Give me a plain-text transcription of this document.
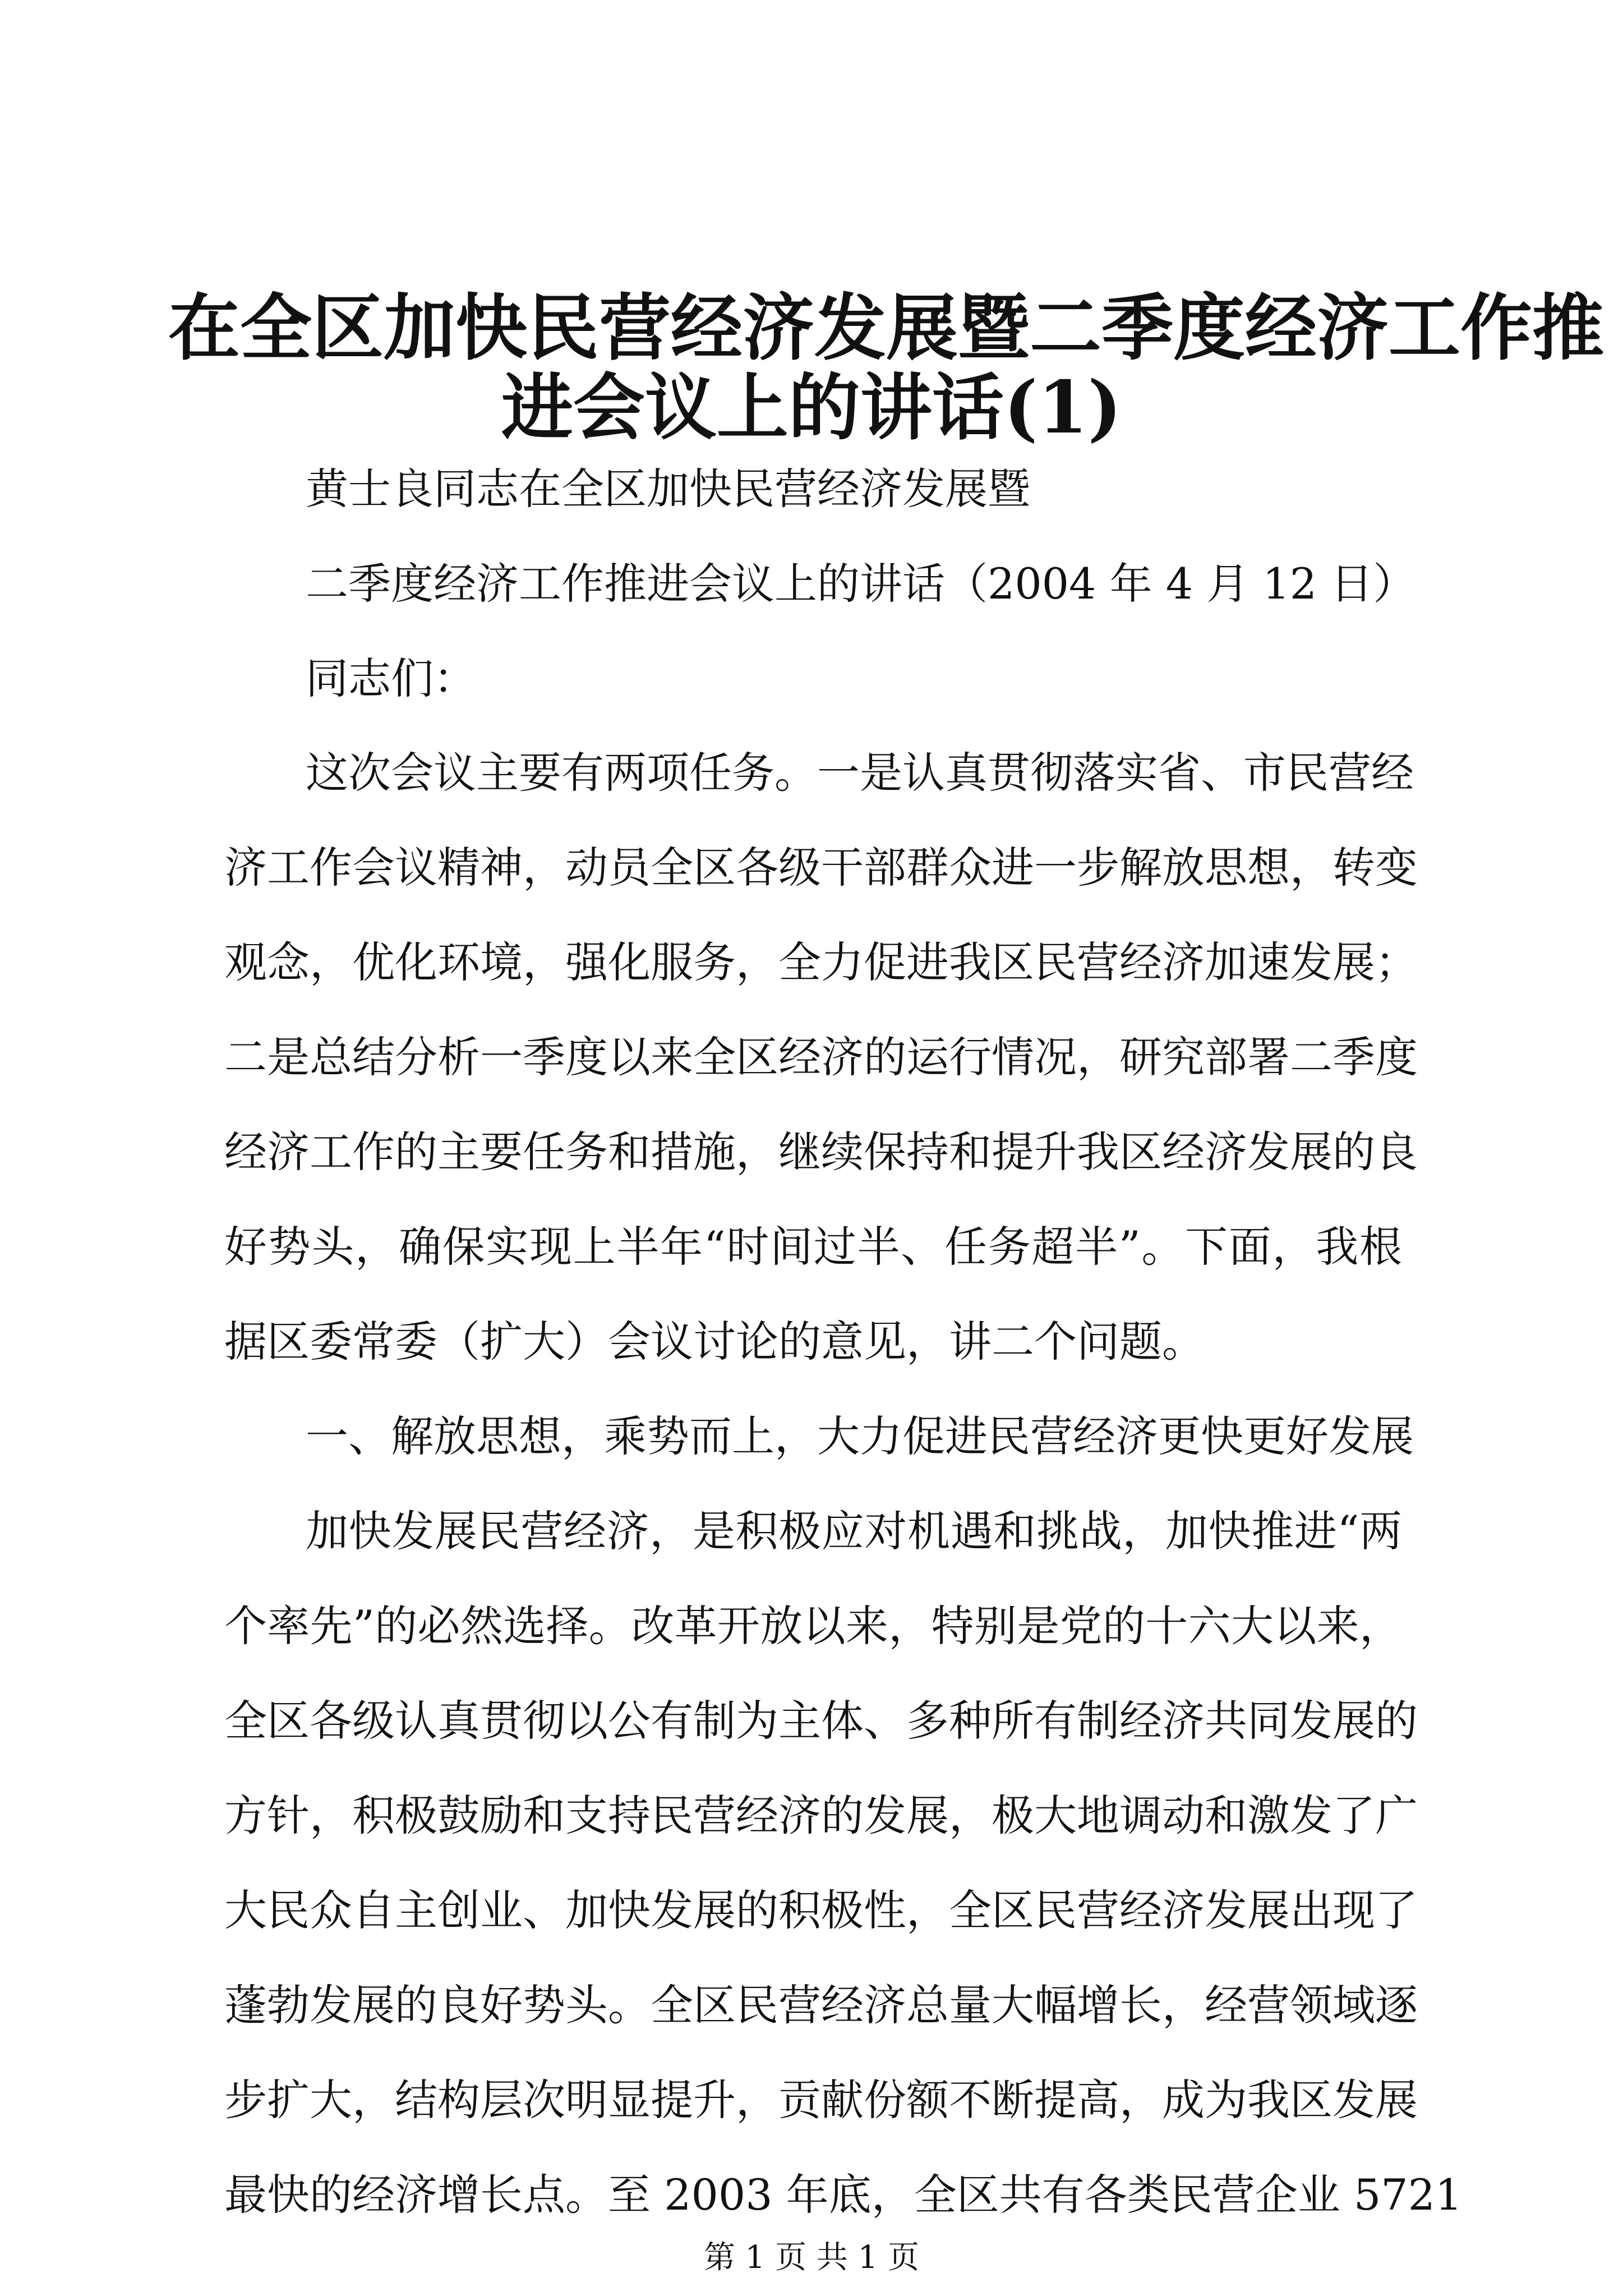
在全区加快民营经济发展暨二季度经济工作推
进会议上的讲话(1)

黄士良同志在全区加快民营经济发展暨

二季度经济工作推进会议上的讲话（2004 年 4 月 12 日）

同志们：

这次会议主要有两项任务。一是认真贯彻落实省、市民营经

济工作会议精神，动员全区各级干部群众进一步解放思想，转变

观念，优化环境，强化服务，全力促进我区民营经济加速发展；

二是总结分析一季度以来全区经济的运行情况，研究部署二季度

经济工作的主要任务和措施，继续保持和提升我区经济发展的良

好势头，确保实现上半年“时间过半、任务超半”。下面，我根

据区委常委（扩大）会议讨论的意见，讲二个问题。

一、解放思想，乘势而上，大力促进民营经济更快更好发展

加快发展民营经济，是积极应对机遇和挑战，加快推进“两

个率先”的必然选择。改革开放以来，特别是党的十六大以来，

全区各级认真贯彻以公有制为主体、多种所有制经济共同发展的

方针，积极鼓励和支持民营经济的发展，极大地调动和激发了广

大民众自主创业、加快发展的积极性，全区民营经济发展出现了

蓬勃发展的良好势头。全区民营经济总量大幅增长，经营领域逐

步扩大，结构层次明显提升，贡献份额不断提高，成为我区发展

最快的经济增长点。至 2003 年底，全区共有各类民营企业 5721

第 1 页 共 1 页
